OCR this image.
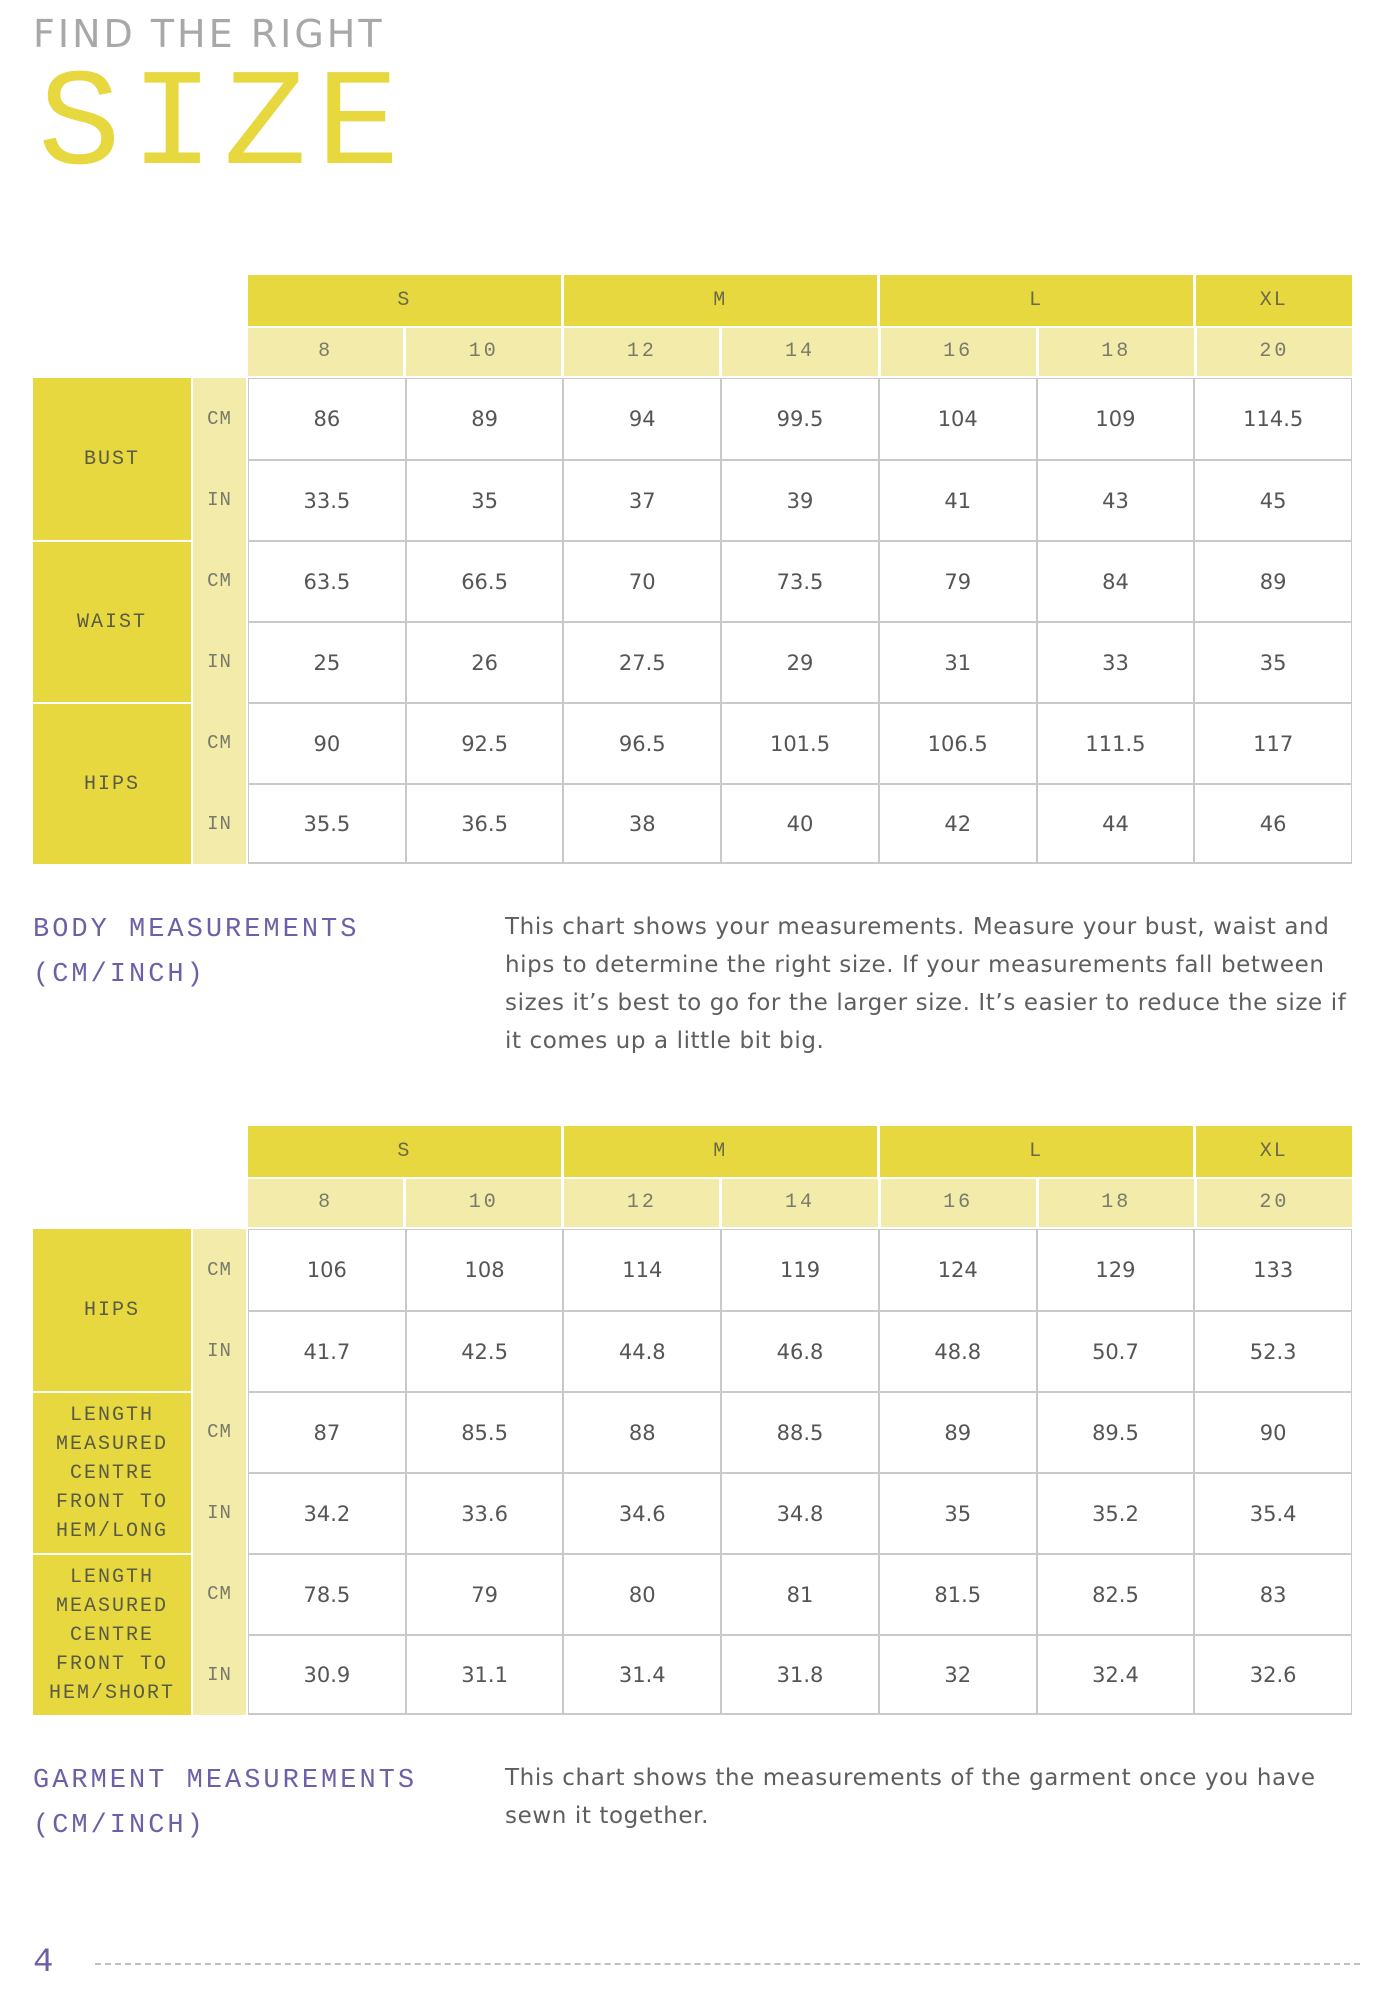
FIND THE RIGHT
SIZE
S	M	L	XL
8	10	12	14	16	18	20
BUST
CM	86	89	94	99.5	104	109	114.5
IN	33.5	35	37	39	41	43	45
WAIST
CM	63.5	66.5	70	73.5	79	84	89
IN	25	26	27.5	29	31	33	35
HIPS
CM	90	92.5	96.5	101.5	106.5	111.5	117
IN	35.5	36.5	38	40	42	44	46
BODY MEASUREMENTS
(CM/INCH)

This chart shows your measurements. Measure your bust, waist and hips to determine the right size. If your measurements fall between sizes it’s best to go for the larger size. It’s easier to reduce the size if it comes up a little bit big.

S	M	L	XL
8	10	12	14	16	18	20
HIPS
CM	106	108	114	119	124	129	133
IN	41.7	42.5	44.8	46.8	48.8	50.7	52.3
LENGTH
MEASURED
CENTRE
FRONT TO
HEM/LONG
CM	87	85.5	88	88.5	89	89.5	90
IN	34.2	33.6	34.6	34.8	35	35.2	35.4
LENGTH
MEASURED
CENTRE
FRONT TO
HEM/SHORT
CM	78.5	79	80	81	81.5	82.5	83
IN	30.9	31.1	31.4	31.8	32	32.4	32.6
GARMENT MEASUREMENTS
(CM/INCH)

This chart shows the measurements of the garment once you have sewn it together.

4
